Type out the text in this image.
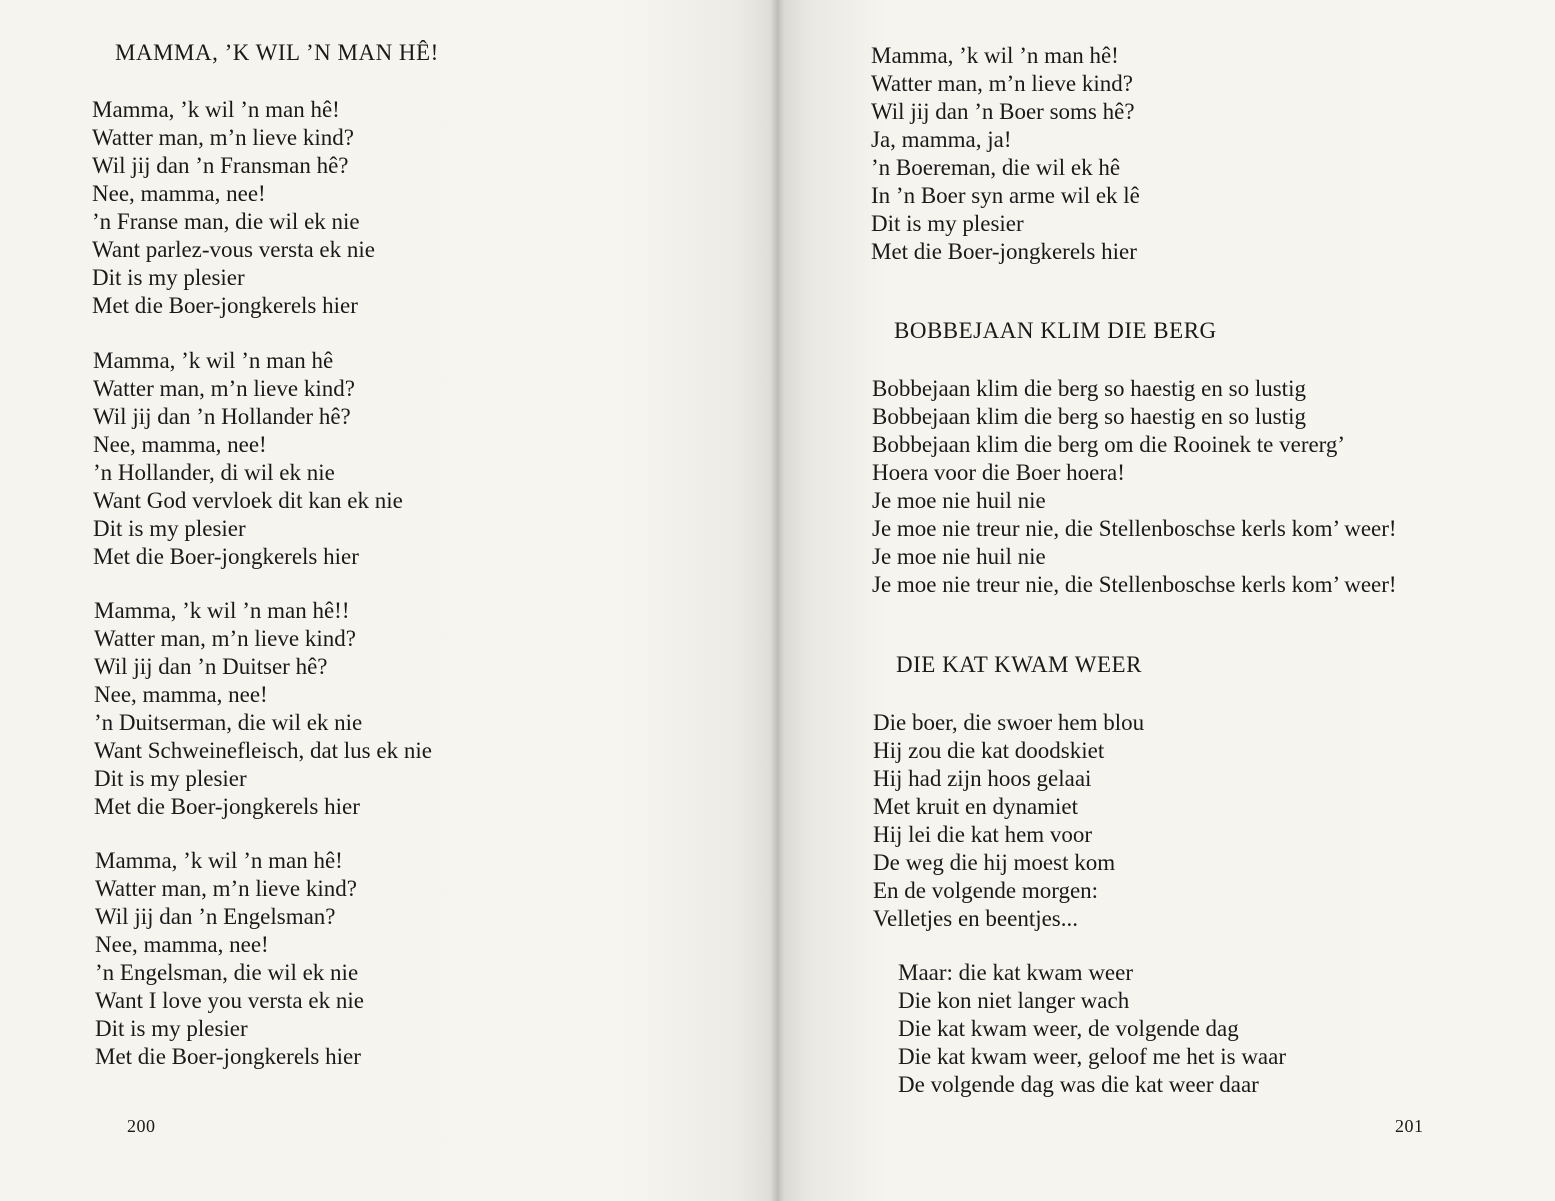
MAMMA, ’K WIL ’N MAN HÊ!
Mamma, ’k wil ’n man hê!
Watter man, m’n lieve kind?
Wil jij dan ’n Fransman hê?
Nee, mamma, nee!
’n Franse man, die wil ek nie
Want parlez-vous versta ek nie
Dit is my plesier
Met die Boer-jongkerels hier
Mamma, ’k wil ’n man hê
Watter man, m’n lieve kind?
Wil jij dan ’n Hollander hê?
Nee, mamma, nee!
’n Hollander, di wil ek nie
Want God vervloek dit kan ek nie
Dit is my plesier
Met die Boer-jongkerels hier
Mamma, ’k wil ’n man hê!!
Watter man, m’n lieve kind?
Wil jij dan ’n Duitser hê?
Nee, mamma, nee!
’n Duitserman, die wil ek nie
Want Schweinefleisch, dat lus ek nie
Dit is my plesier
Met die Boer-jongkerels hier
Mamma, ’k wil ’n man hê!
Watter man, m’n lieve kind?
Wil jij dan ’n Engelsman?
Nee, mamma, nee!
’n Engelsman, die wil ek nie
Want I love you versta ek nie
Dit is my plesier
Met die Boer-jongkerels hier
200
Mamma, ’k wil ’n man hê!
Watter man, m’n lieve kind?
Wil jij dan ’n Boer soms hê?
Ja, mamma, ja!
’n Boereman, die wil ek hê
In ’n Boer syn arme wil ek lê
Dit is my plesier
Met die Boer-jongkerels hier
BOBBEJAAN KLIM DIE BERG
Bobbejaan klim die berg so haestig en so lustig
Bobbejaan klim die berg so haestig en so lustig
Bobbejaan klim die berg om die Rooinek te vererg’
Hoera voor die Boer hoera!
Je moe nie huil nie
Je moe nie treur nie, die Stellenboschse kerls kom’ weer!
Je moe nie huil nie
Je moe nie treur nie, die Stellenboschse kerls kom’ weer!
DIE KAT KWAM WEER
Die boer, die swoer hem blou
Hij zou die kat doodskiet
Hij had zijn hoos gelaai
Met kruit en dynamiet
Hij lei die kat hem voor
De weg die hij moest kom
En de volgende morgen:
Velletjes en beentjes...
Maar: die kat kwam weer
Die kon niet langer wach
Die kat kwam weer, de volgende dag
Die kat kwam weer, geloof me het is waar
De volgende dag was die kat weer daar
201
